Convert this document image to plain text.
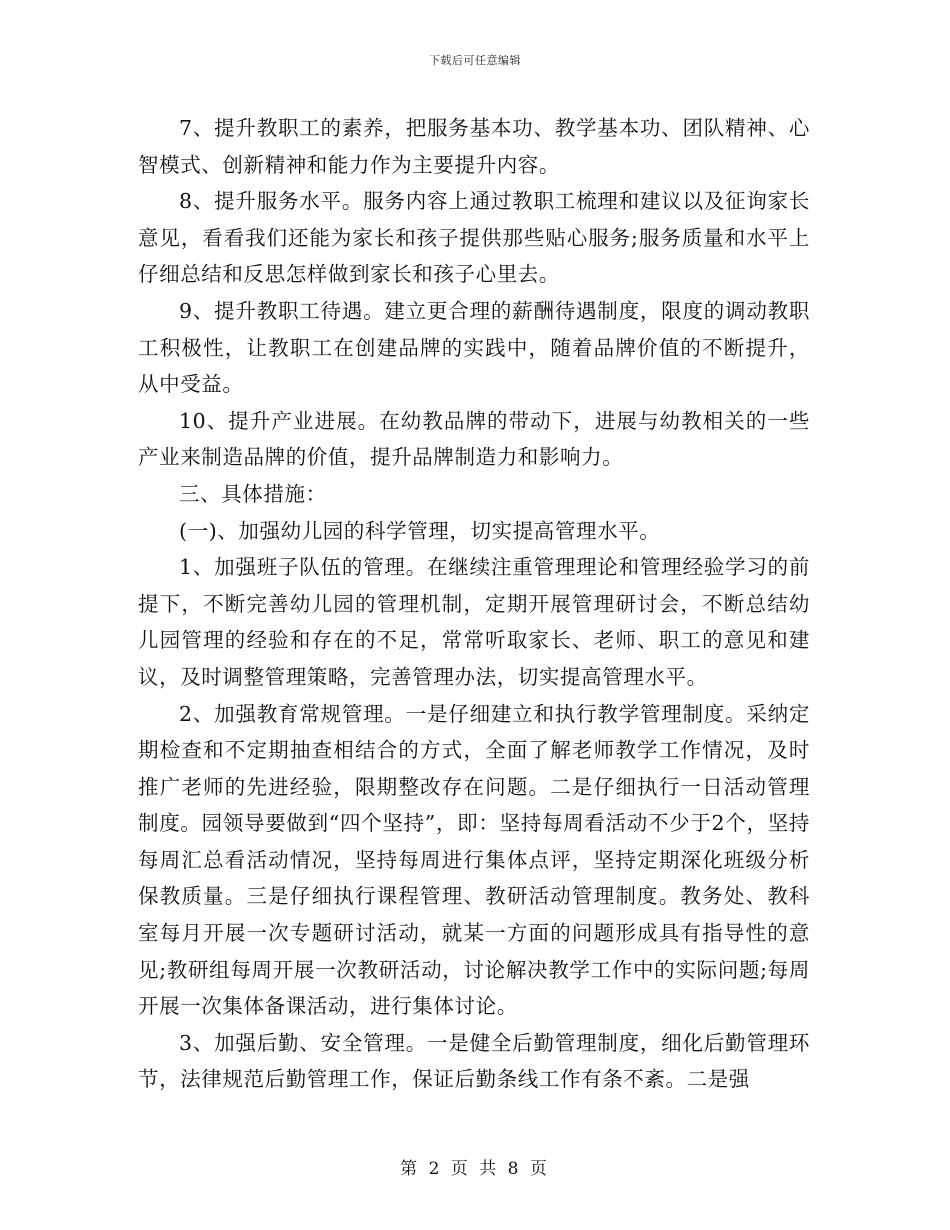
下载后可任意编辑

7、提升教职工的素养，把服务基本功、教学基本功、团队精神、心智模式、创新精神和能力作为主要提升内容。

8、提升服务水平。服务内容上通过教职工梳理和建议以及征询家长意见，看看我们还能为家长和孩子提供那些贴心服务;服务质量和水平上仔细总结和反思怎样做到家长和孩子心里去。

9、提升教职工待遇。建立更合理的薪酬待遇制度，限度的调动教职工积极性，让教职工在创建品牌的实践中，随着品牌价值的不断提升，从中受益。

10、提升产业进展。在幼教品牌的带动下，进展与幼教相关的一些产业来制造品牌的价值，提升品牌制造力和影响力。

三、具体措施：

(一)、加强幼儿园的科学管理，切实提高管理水平。

1、加强班子队伍的管理。在继续注重管理理论和管理经验学习的前提下，不断完善幼儿园的管理机制，定期开展管理研讨会，不断总结幼儿园管理的经验和存在的不足，常常听取家长、老师、职工的意见和建议，及时调整管理策略，完善管理办法，切实提高管理水平。

2、加强教育常规管理。一是仔细建立和执行教学管理制度。采纳定期检查和不定期抽查相结合的方式，全面了解老师教学工作情况，及时推广老师的先进经验，限期整改存在问题。二是仔细执行一日活动管理制度。园领导要做到“四个坚持”，即：坚持每周看活动不少于2个，坚持每周汇总看活动情况，坚持每周进行集体点评，坚持定期深化班级分析保教质量。三是仔细执行课程管理、教研活动管理制度。教务处、教科室每月开展一次专题研讨活动，就某一方面的问题形成具有指导性的意见;教研组每周开展一次教研活动，讨论解决教学工作中的实际问题;每周开展一次集体备课活动，进行集体讨论。

3、加强后勤、安全管理。一是健全后勤管理制度，细化后勤管理环节，法律规范后勤管理工作，保证后勤条线工作有条不紊。二是强

第 2 页 共 8 页
